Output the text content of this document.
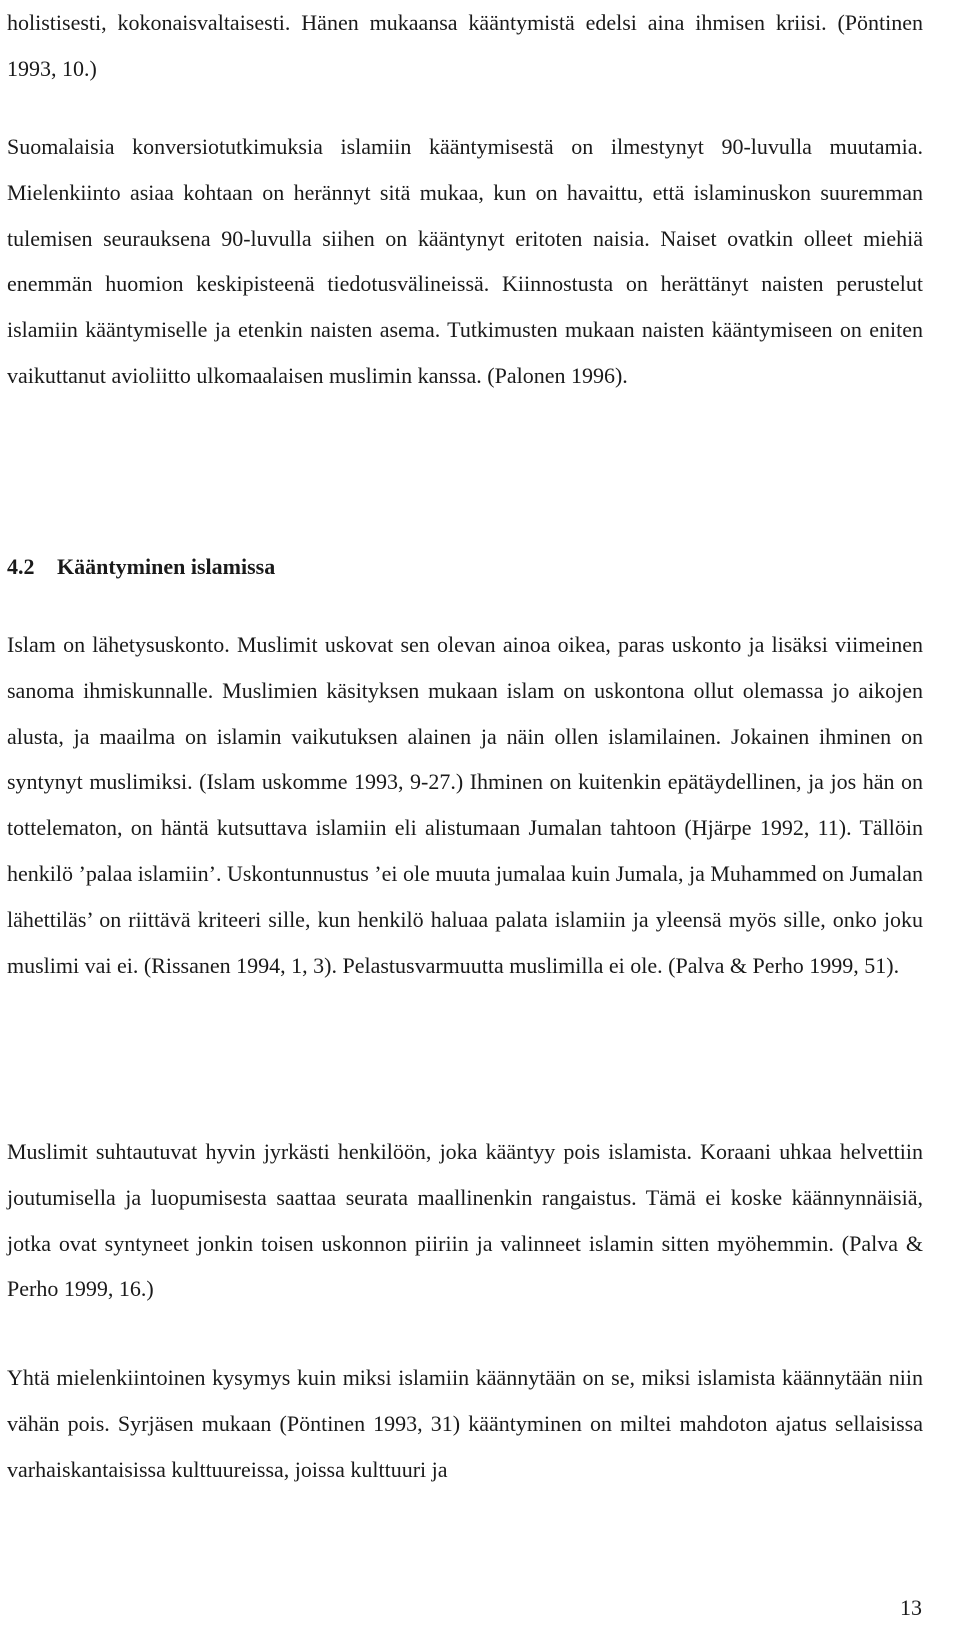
holistisesti, kokonaisvaltaisesti. Hänen mukaansa kääntymistä edelsi aina ihmisen kriisi. (Pöntinen 1993, 10.)

Suomalaisia konversiotutkimuksia islamiin kääntymisestä on ilmestynyt 90-luvulla muutamia. Mielenkiinto asiaa kohtaan on herännyt sitä mukaa, kun on havaittu, että islaminuskon suuremman tulemisen seurauksena 90-luvulla siihen on kääntynyt eritoten naisia. Naiset ovatkin olleet miehiä enemmän huomion keskipisteenä tiedotusvälineissä. Kiinnostusta on herättänyt naisten perustelut islamiin kääntymiselle ja etenkin naisten asema. Tutkimusten mukaan naisten kääntymiseen on eniten vaikuttanut avioliitto ulkomaalaisen muslimin kanssa. (Palonen 1996).

4.2 Kääntyminen islamissa

Islam on lähetysuskonto. Muslimit uskovat sen olevan ainoa oikea, paras uskonto ja lisäksi viimeinen sanoma ihmiskunnalle. Muslimien käsityksen mukaan islam on uskontona ollut olemassa jo aikojen alusta, ja maailma on islamin vaikutuksen alainen ja näin ollen islamilainen. Jokainen ihminen on syntynyt muslimiksi. (Islam uskomme 1993, 9-27.) Ihminen on kuitenkin epätäydellinen, ja jos hän on tottelematon, on häntä kutsuttava islamiin eli alistumaan Jumalan tahtoon (Hjärpe 1992, 11). Tällöin henkilö ’palaa islamiin’. Uskontunnustus ’ei ole muuta jumalaa kuin Jumala, ja Muhammed on Jumalan lähettiläs’ on riittävä kriteeri sille, kun henkilö haluaa palata islamiin ja yleensä myös sille, onko joku muslimi vai ei. (Rissanen 1994, 1, 3). Pelastusvarmuutta muslimilla ei ole. (Palva & Perho 1999, 51).

Muslimit suhtautuvat hyvin jyrkästi henkilöön, joka kääntyy pois islamista. Koraani uhkaa helvettiin joutumisella ja luopumisesta saattaa seurata maallinenkin rangaistus. Tämä ei koske käännynnäisiä, jotka ovat syntyneet jonkin toisen uskonnon piiriin ja valinneet islamin sitten myöhemmin. (Palva & Perho 1999, 16.)

Yhtä mielenkiintoinen kysymys kuin miksi islamiin käännytään on se, miksi islamista käännytään niin vähän pois. Syrjäsen mukaan (Pöntinen 1993, 31) kääntyminen on miltei mahdoton ajatus sellaisissa varhaiskantaisissa kulttuureissa, joissa kulttuuri ja

13
